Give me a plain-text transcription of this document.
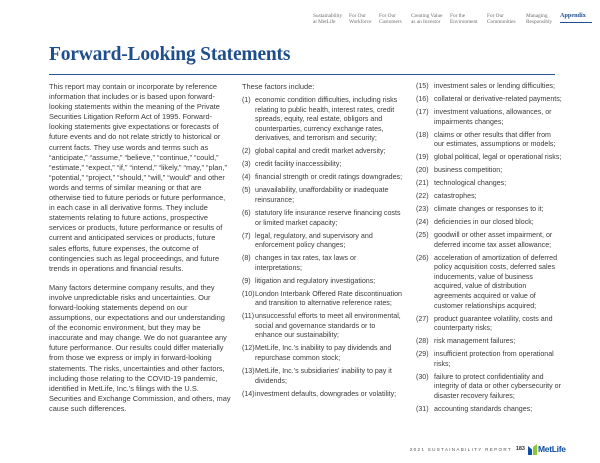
Sustainability at MetLife
For Our Workforce
For Our Customers
Creating Value as an Investor
For the Environment
For Our Communities
Managing Responsibly
Appendix
Forward-Looking Statements

This report may contain or incorporate by reference information that includes or is based upon forward-looking statements within the meaning of the Private Securities Litigation Reform Act of 1995. Forward-looking statements give expectations or forecasts of future events and do not relate strictly to historical or current facts. They use words and terms such as “anticipate,” “assume,” “believe,” “continue,” “could,” “estimate,” “expect,” “if,” “intend,” “likely,” “may,” “plan,” “potential,” “project,” “should,” “will,” “would” and other words and terms of similar meaning or that are otherwise tied to future periods or future performance, in each case in all derivative forms. They include statements relating to future actions, prospective services or products, future performance or results of current and anticipated services or products, future sales efforts, future expenses, the outcome of contingencies such as legal proceedings, and future trends in operations and financial results.

Many factors determine company results, and they involve unpredictable risks and uncertainties. Our forward-looking statements depend on our assumptions, our expectations and our understanding of the economic environment, but they may be inaccurate and may change. We do not guarantee any future performance. Our results could differ materially from those we express or imply in forward-looking statements. The risks, uncertainties and other factors, including those relating to the COVID-19 pandemic, identified in MetLife, Inc.’s filings with the U.S. Securities and Exchange Commission, and others, may cause such differences.

These factors include:
(1) economic condition difficulties, including risks relating to public health, interest rates, credit spreads, equity, real estate, obligors and counterparties, currency exchange rates, derivatives, and terrorism and security;
(2) global capital and credit market adversity;
(3) credit facility inaccessibility;
(4) financial strength or credit ratings downgrades;
(5) unavailability, unaffordability or inadequate reinsurance;
(6) statutory life insurance reserve financing costs or limited market capacity;
(7) legal, regulatory, and supervisory and enforcement policy changes;
(8) changes in tax rates, tax laws or interpretations;
(9) litigation and regulatory investigations;
(10) London Interbank Offered Rate discontinuation and transition to alternative reference rates;
(11) unsuccessful efforts to meet all environmental, social and governance standards or to enhance our sustainability;
(12) MetLife, Inc.’s inability to pay dividends and repurchase common stock;
(13) MetLife, Inc.’s subsidiaries’ inability to pay it dividends;
(14) investment defaults, downgrades or volatility;
(15) investment sales or lending difficulties;
(16) collateral or derivative-related payments;
(17) investment valuations, allowances, or impairments changes;
(18) claims or other results that differ from our estimates, assumptions or models;
(19) global political, legal or operational risks;
(20) business competition;
(21) technological changes;
(22) catastrophes;
(23) climate changes or responses to it;
(24) deficiencies in our closed block;
(25) goodwill or other asset impairment, or deferred income tax asset allowance;
(26) acceleration of amortization of deferred policy acquisition costs, deferred sales inducements, value of business acquired, value of distribution agreements acquired or value of customer relationships acquired;
(27) product guarantee volatility, costs and counterparty risks;
(28) risk management failures;
(29) insufficient protection from operational risks;
(30) failure to protect confidentiality and integrity of data or other cybersecurity or disaster recovery failures;
(31) accounting standards changes;
2021 SUSTAINABILITY REPORT 183 MetLife
